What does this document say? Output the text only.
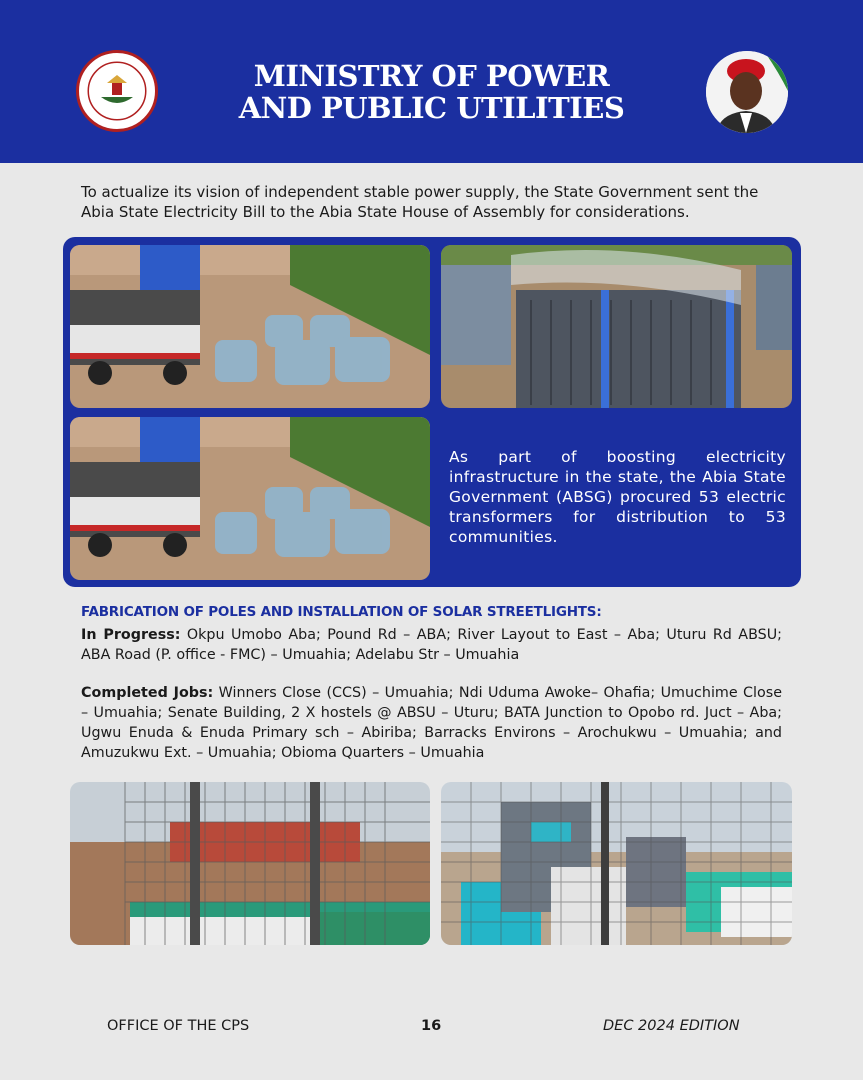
MINISTRY OF POWER
AND PUBLIC UTILITIES
To actualize its vision of independent stable power supply, the State Government sent the Abia State Electricity Bill to the Abia State House of Assembly for considerations.
As part of boosting electricity infrastructure in the state, the Abia State Government (ABSG) procured 53 electric transformers for distribution to 53 communities.
FABRICATION OF POLES AND INSTALLATION OF SOLAR STREETLIGHTS:
In Progress: Okpu Umobo Aba; Pound Rd – ABA; River Layout to East – Aba; Uturu Rd ABSU; ABA Road (P. office - FMC) – Umuahia; Adelabu Str – Umuahia
Completed Jobs: Winners Close (CCS) – Umuahia; Ndi Uduma Awoke– Ohafia; Umuchime Close – Umuahia; Senate Building, 2 X hostels @ ABSU – Uturu; BATA Junction to Opobo rd. Juct – Aba; Ugwu Enuda & Enuda Primary sch – Abiriba; Barracks Environs – Arochukwu – Umuahia; and Amuzukwu Ext. – Umuahia; Obioma Quarters – Umuahia
OFFICE OF THE CPS	16	DEC 2024 EDITION
